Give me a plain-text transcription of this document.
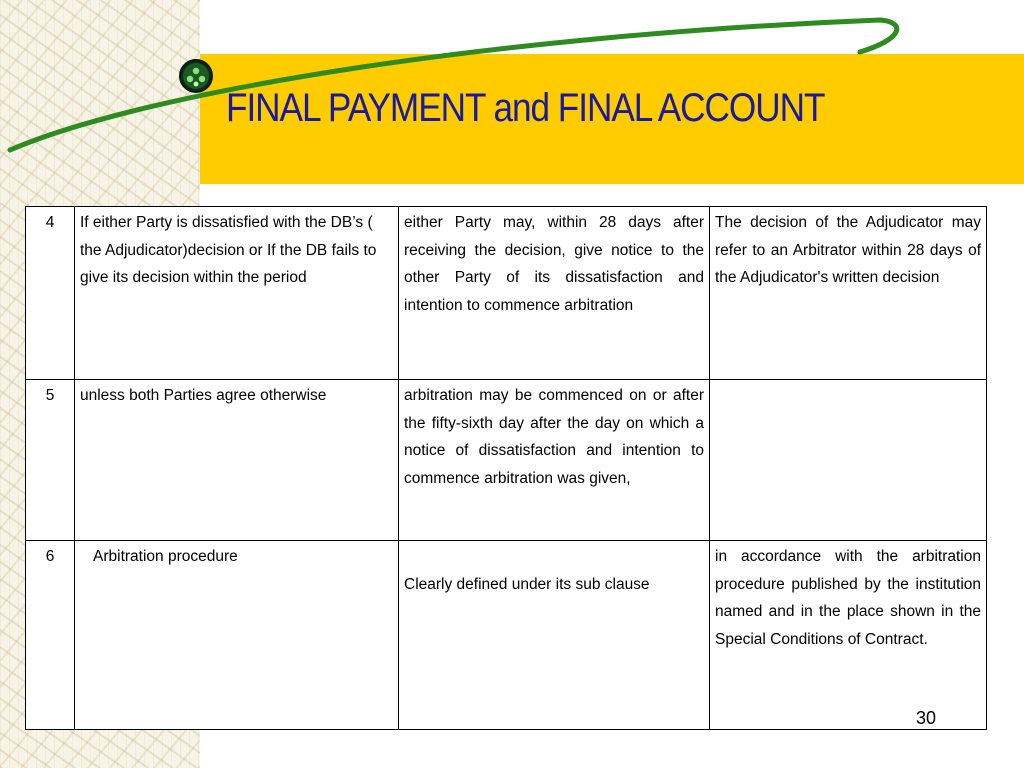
FINAL PAYMENT and FINAL ACCOUNT
4	If either Party is dissatisfied with the DB’s ( the Adjudicator)decision or If the DB fails to give its decision within the period	either Party may, within 28 days after receiving the decision, give notice to the other Party of its dissatisfaction and intention to commence arbitration	The decision of the Adjudicator may refer to an Arbitrator within 28 days of the Adjudicator's written decision
5	unless both Parties agree otherwise	arbitration may be commenced on or after the fifty-sixth day after the day on which a notice of dissatisfaction and intention to commence arbitration was given,	
6	Arbitration procedure	Clearly defined under its sub clause	in accordance with the arbitration procedure published by the institution named and in the place shown in the Special Conditions of Contract.
30
